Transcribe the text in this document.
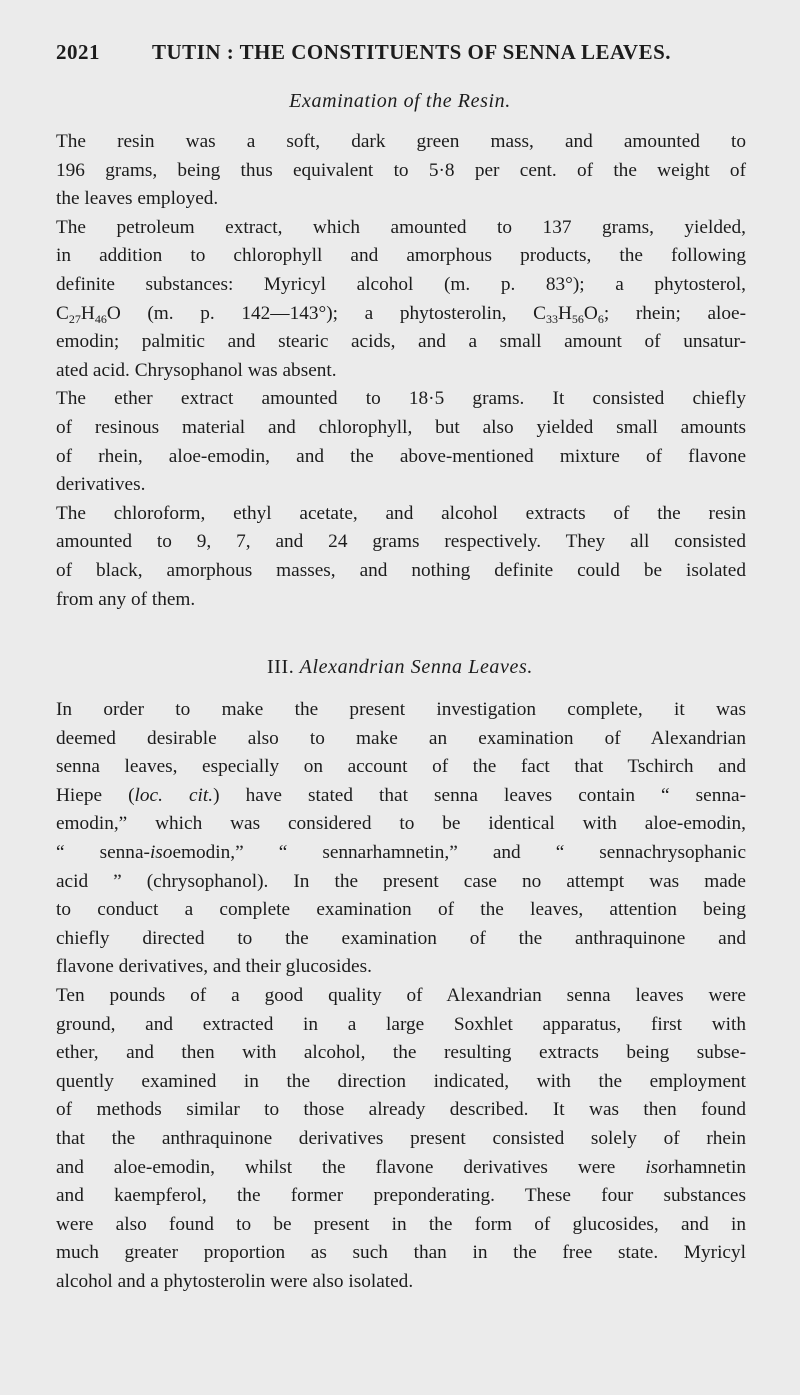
2021 TUTIN : THE CONSTITUENTS OF SENNA LEAVES.
Examination of the Resin.

The resin was a soft, dark green mass, and amounted to
196 grams, being thus equivalent to 5·8 per cent. of the weight of
the leaves employed.

The petroleum extract, which amounted to 137 grams, yielded,
in addition to chlorophyll and amorphous products, the following
definite substances: Myricyl alcohol (m. p. 83°); a phytosterol,
$C_{27}H_{46}O$ (m. p. 142—143°); a phytosterolin, $C_{33}H_{56}O_6$; rhein; aloe-
emodin; palmitic and stearic acids, and a small amount of unsatur-
ated acid. Chrysophanol was absent.

The ether extract amounted to 18·5 grams. It consisted chiefly
of resinous material and chlorophyll, but also yielded small amounts
of rhein, aloe-emodin, and the above-mentioned mixture of flavone
derivatives.

The chloroform, ethyl acetate, and alcohol extracts of the resin
amounted to 9, 7, and 24 grams respectively. They all consisted
of black, amorphous masses, and nothing definite could be isolated
from any of them.

III. Alexandrian Senna Leaves.

In order to make the present investigation complete, it was
deemed desirable also to make an examination of Alexandrian
senna leaves, especially on account of the fact that Tschirch and
Hiepe (loc. cit.) have stated that senna leaves contain “ senna-
emodin,” which was considered to be identical with aloe-emodin,
“ senna-isoemodin,” “ sennarhamnetin,” and “ sennachrysophanic
acid ” (chrysophanol). In the present case no attempt was made
to conduct a complete examination of the leaves, attention being
chiefly directed to the examination of the anthraquinone and
flavone derivatives, and their glucosides.

Ten pounds of a good quality of Alexandrian senna leaves were
ground, and extracted in a large Soxhlet apparatus, first with
ether, and then with alcohol, the resulting extracts being subse-
quently examined in the direction indicated, with the employment
of methods similar to those already described. It was then found
that the anthraquinone derivatives present consisted solely of rhein
and aloe-emodin, whilst the flavone derivatives were isorhamnetin
and kaempferol, the former preponderating. These four substances
were also found to be present in the form of glucosides, and in
much greater proportion as such than in the free state. Myricyl
alcohol and a phytosterolin were also isolated.
